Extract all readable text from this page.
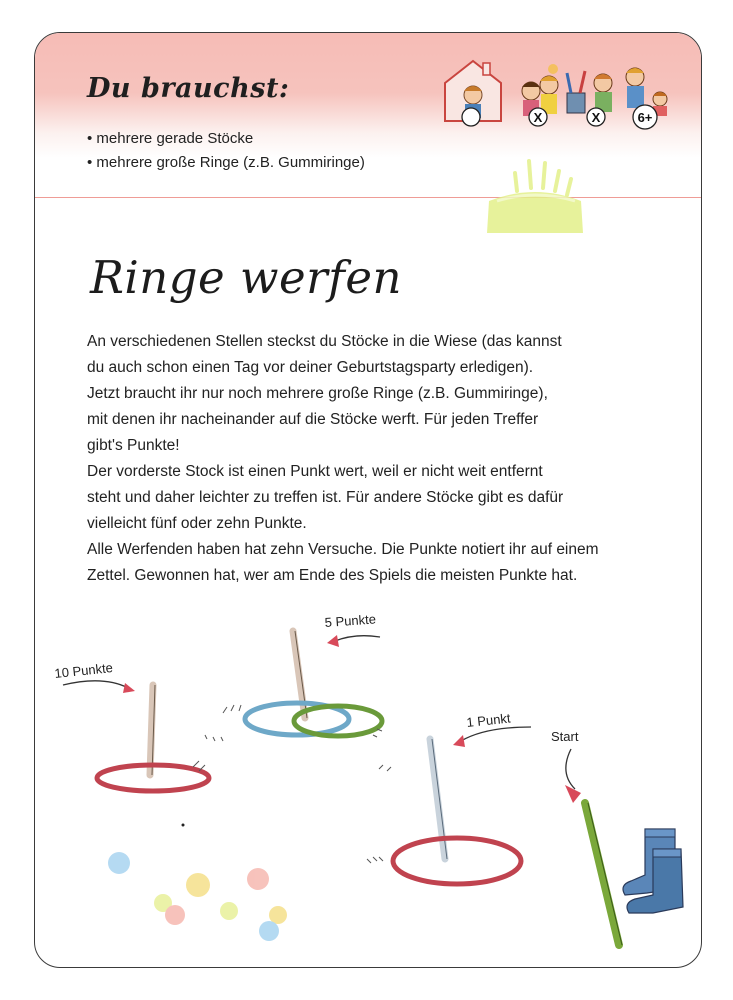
Du brauchst:
• mehrere gerade Stöcke
• mehrere große Ringe (z.B. Gummiringe)
Ringe werfen
An verschiedenen Stellen steckst du Stöcke in die Wiese (das kannst
du auch schon einen Tag vor deiner Geburtstagsparty erledigen).
Jetzt braucht ihr nur noch mehrere große Ringe (z.B. Gummiringe),
mit denen ihr nacheinander auf die Stöcke werft. Für jeden Treffer
gibt's Punkte!
Der vorderste Stock ist einen Punkt wert, weil er nicht weit entfernt
steht und daher leichter zu treffen ist. Für andere Stöcke gibt es dafür
vielleicht fünf oder zehn Punkte.
Alle Werfenden haben hat zehn Versuche. Die Punkte notiert ihr auf einem
Zettel. Gewonnen hat, wer am Ende des Spiels die meisten Punkte hat.
X	X	6+
10 Punkte
5 Punkte
1 Punkt
Start
